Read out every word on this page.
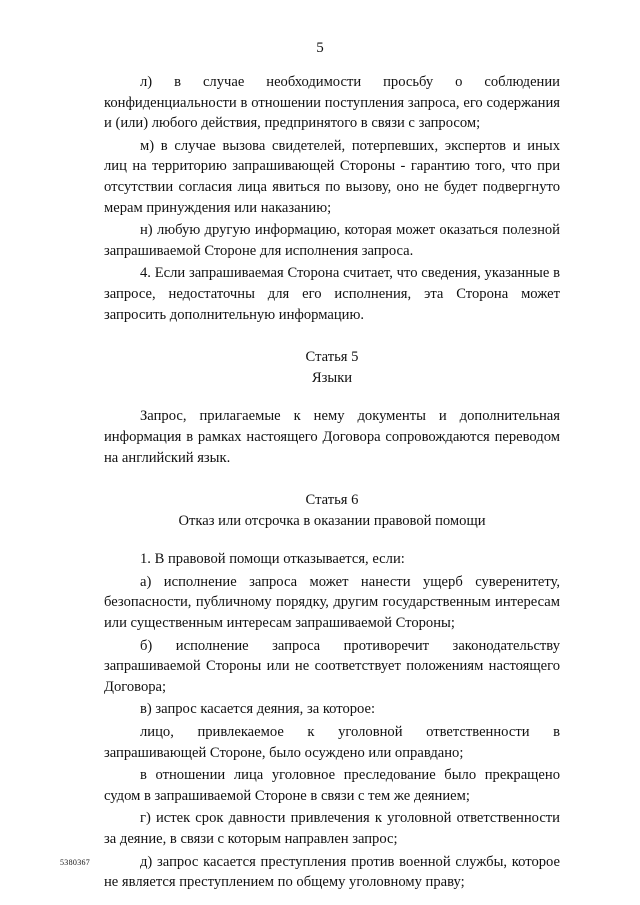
5

л) в случае необходимости просьбу о соблюдении конфиденциальности в отношении поступления запроса, его содержания и (или) любого действия, предпринятого в связи с запросом;

м) в случае вызова свидетелей, потерпевших, экспертов и иных лиц на территорию запрашивающей Стороны - гарантию того, что при отсутствии согласия лица явиться по вызову, оно не будет подвергнуто мерам принуждения или наказанию;

н) любую другую информацию, которая может оказаться полезной запрашиваемой Стороне для исполнения запроса.

4. Если запрашиваемая Сторона считает, что сведения, указанные в запросе, недостаточны для его исполнения, эта Сторона может запросить дополнительную информацию.

Статья 5

Языки

Запрос, прилагаемые к нему документы и дополнительная информация в рамках настоящего Договора сопровождаются переводом на английский язык.

Статья 6

Отказ или отсрочка в оказании правовой помощи

1. В правовой помощи отказывается, если:

а) исполнение запроса может нанести ущерб суверенитету, безопасности, публичному порядку, другим государственным интересам или существенным интересам запрашиваемой Стороны;

б) исполнение запроса противоречит законодательству запрашиваемой Стороны или не соответствует положениям настоящего Договора;

в) запрос касается деяния, за которое:

лицо, привлекаемое к уголовной ответственности в запрашивающей Стороне, было осуждено или оправдано;

в отношении лица уголовное преследование было прекращено судом в запрашиваемой Стороне в связи с тем же деянием;

г) истек срок давности привлечения к уголовной ответственности за деяние, в связи с которым направлен запрос;

д) запрос касается преступления против военной службы, которое не является преступлением по общему уголовному праву;

5380367
